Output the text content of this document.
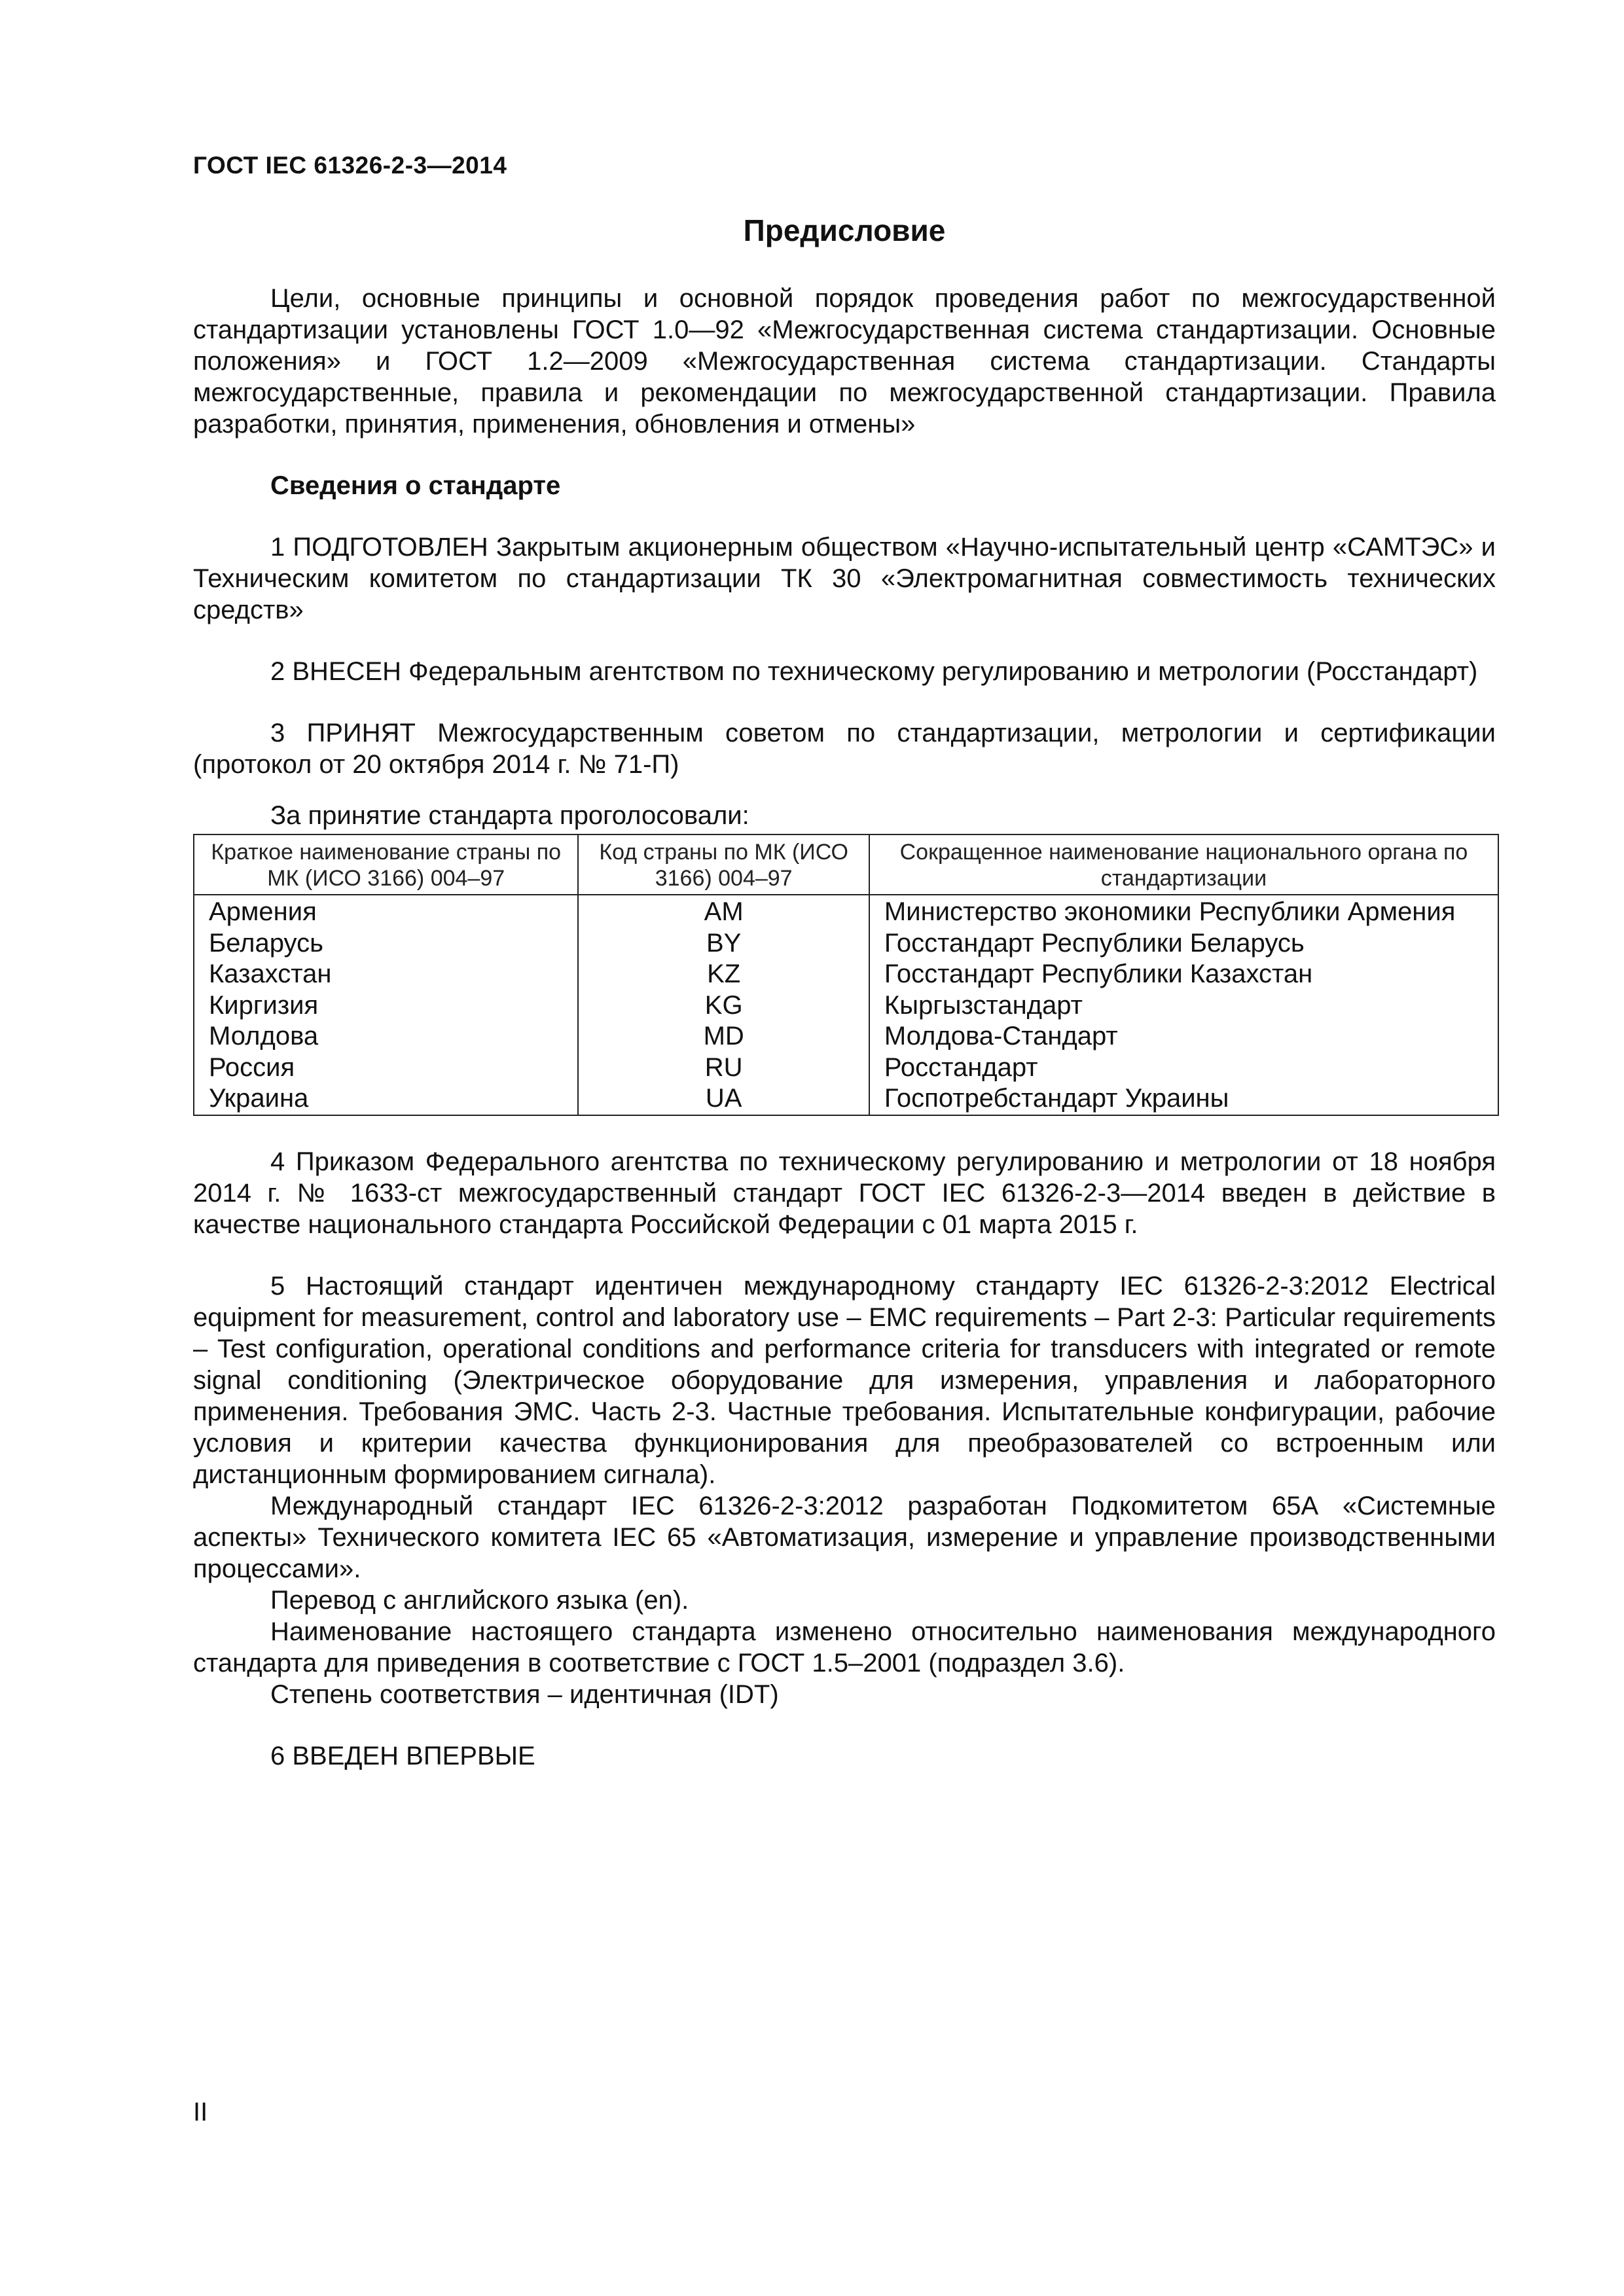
ГОСТ IEC 61326-2-3—2014
Предисловие

Цели, основные принципы и основной порядок проведения работ по межгосударственной стандартизации установлены ГОСТ 1.0—92 «Межгосударственная система стандартизации. Основные положения» и ГОСТ 1.2—2009 «Межгосударственная система стандартизации. Стандарты межгосударственные, правила и рекомендации по межгосударственной стандартизации. Правила разработки, принятия, применения, обновления и отмены»

Сведения о стандарте

1 ПОДГОТОВЛЕН Закрытым акционерным обществом «Научно-испытательный центр «САМТЭС» и Техническим комитетом по стандартизации ТК 30 «Электромагнитная совместимость технических средств»

2 ВНЕСЕН Федеральным агентством по техническому регулированию и метрологии (Росстандарт)

3 ПРИНЯТ Межгосударственным советом по стандартизации, метрологии и сертификации (протокол от 20 октября 2014 г. № 71-П)

За принятие стандарта проголосовали:

Краткое наименование страны по МК (ИСО 3166) 004–97	Код страны по МК (ИСО 3166) 004–97	Сокращенное наименование национального органа по стандартизации
Армения	AM	Министерство экономики Республики Армения
Беларусь	BY	Госстандарт Республики Беларусь
Казахстан	KZ	Госстандарт Республики Казахстан
Киргизия	KG	Кыргызстандарт
Молдова	MD	Молдова-Стандарт
Россия	RU	Росстандарт
Украина	UA	Госпотребстандарт Украины

4 Приказом Федерального агентства по техническому регулированию и метрологии от 18 ноября 2014 г. № 1633-ст межгосударственный стандарт ГОСТ IEC 61326-2-3—2014 введен в действие в качестве национального стандарта Российской Федерации с 01 марта 2015 г.

5 Настоящий стандарт идентичен международному стандарту IEC 61326-2-3:2012 Electrical equipment for measurement, control and laboratory use – EMC requirements – Part 2-3: Particular requirements – Test configuration, operational conditions and performance criteria for transducers with integrated or remote signal conditioning (Электрическое оборудование для измерения, управления и лабораторного применения. Требования ЭМС. Часть 2-3. Частные требования. Испытательные конфигурации, рабочие условия и критерии качества функционирования для преобразователей со встроенным или дистанционным формированием сигнала).

Международный стандарт IEC 61326-2-3:2012 разработан Подкомитетом 65А «Системные аспекты» Технического комитета IEC 65 «Автоматизация, измерение и управление производственными процессами».

Перевод с английского языка (en).

Наименование настоящего стандарта изменено относительно наименования международного стандарта для приведения в соответствие с ГОСТ 1.5–2001 (подраздел 3.6).

Степень соответствия – идентичная (IDT)

6 ВВЕДЕН ВПЕРВЫЕ

II
